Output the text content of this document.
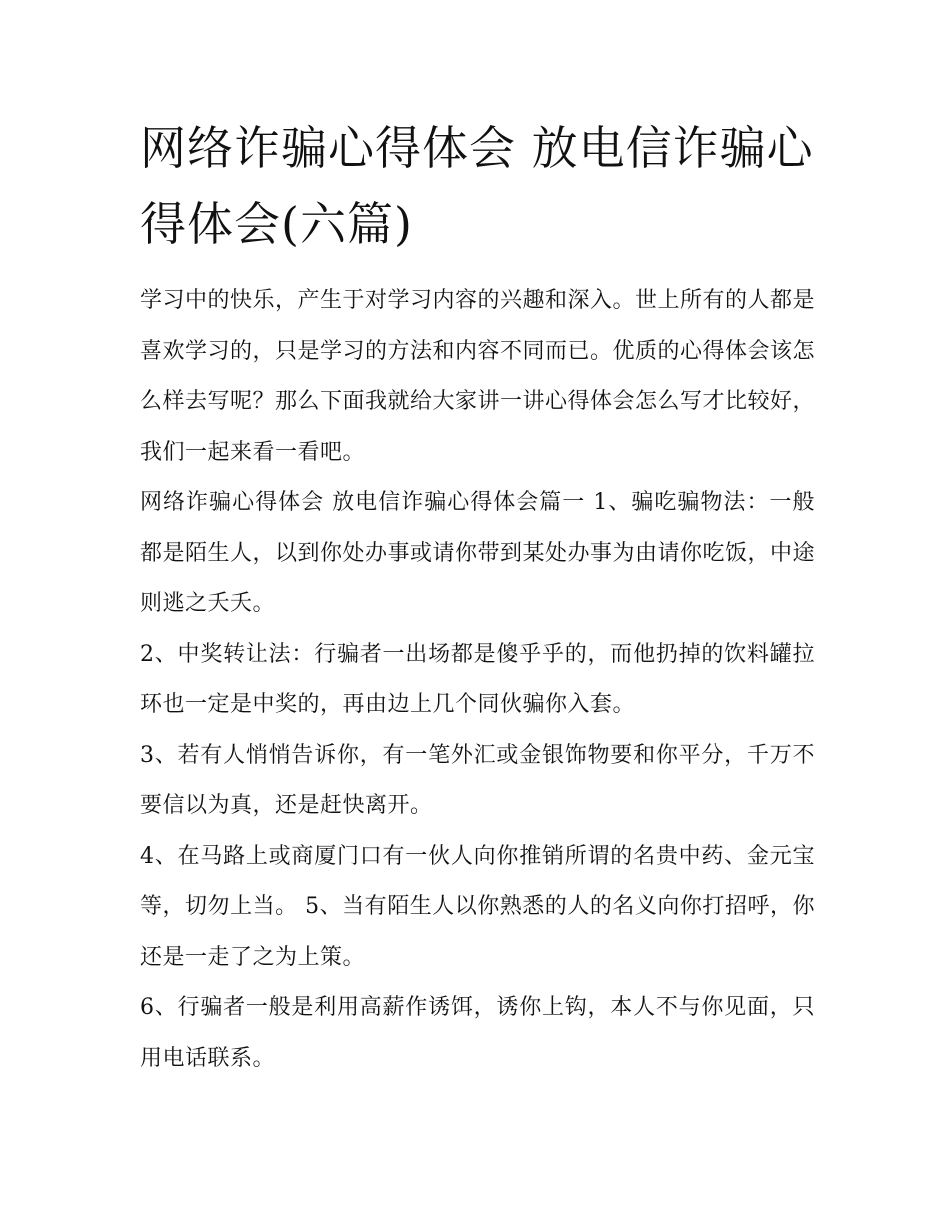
网络诈骗心得体会 放电信诈骗心得体会(六篇)

学习中的快乐，产生于对学习内容的兴趣和深入。世上所有的人都是喜欢学习的，只是学习的方法和内容不同而已。优质的心得体会该怎么样去写呢？那么下面我就给大家讲一讲心得体会怎么写才比较好，我们一起来看一看吧。

网络诈骗心得体会 放电信诈骗心得体会篇一 1、骗吃骗物法：一般都是陌生人，以到你处办事或请你带到某处办事为由请你吃饭，中途则逃之夭夭。

2、中奖转让法：行骗者一出场都是傻乎乎的，而他扔掉的饮料罐拉环也一定是中奖的，再由边上几个同伙骗你入套。

3、若有人悄悄告诉你，有一笔外汇或金银饰物要和你平分，千万不要信以为真，还是赶快离开。

4、在马路上或商厦门口有一伙人向你推销所谓的名贵中药、金元宝等，切勿上当。 5、当有陌生人以你熟悉的人的名义向你打招呼，你还是一走了之为上策。

6、行骗者一般是利用高薪作诱饵，诱你上钩，本人不与你见面，只用电话联系。
